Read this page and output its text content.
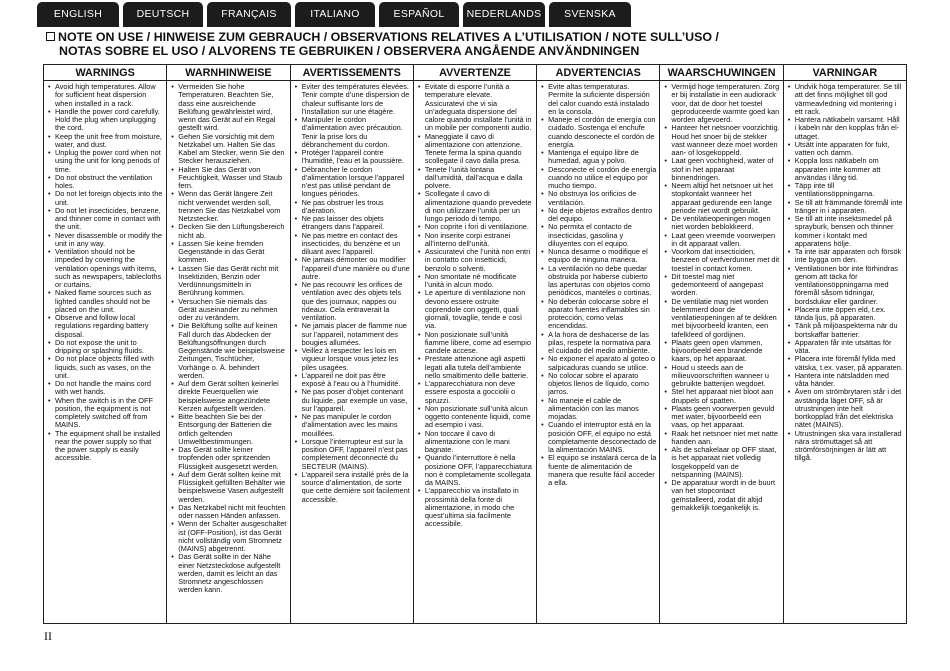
ENGLISH	DEUTSCH	FRANÇAIS	ITALIANO	ESPAÑOL	NEDERLANDS	SVENSKA
NOTE ON USE / HINWEISE ZUM GEBRAUCH / OBSERVATIONS RELATIVES A L’UTILISATION / NOTE SULL’USO /
NOTAS SOBRE EL USO / ALVORENS TE GEBRUIKEN / OBSERVERA ANGÅENDE ANVÄNDNINGEN
WARNINGS
• Avoid high temperatures. Allow for sufficient heat dispersion when installed in a rack.
• Handle the power cord carefully. Hold the plug when unplugging the cord.
• Keep the unit free from moisture, water, and dust.
• Unplug the power cord when not using the unit for long periods of time.
• Do not obstruct the ventilation holes.
• Do not let foreign objects into the unit.
• Do not let insecticides, benzene, and thinner come in contact with the unit.
• Never disassemble or modify the unit in any way.
• Ventilation should not be impeded by covering the ventilation openings with items, such as newspapers, tablecloths or curtains.
• Naked flame sources such as lighted candles should not be placed on the unit.
• Observe and follow local regulations regarding battery disposal.
• Do not expose the unit to dripping or splashing fluids.
• Do not place objects filled with liquids, such as vases, on the unit.
• Do not handle the mains cord with wet hands.
• When the switch is in the OFF position, the equipment is not completely switched off from MAINS.
• The equipment shall be installed near the power supply so that the power supply is easily accessible.
WARNHINWEISE
• Vermeiden Sie hohe Temperaturen. Beachten Sie, dass eine ausreichende Belüftung gewährleistet wird, wenn das Gerät auf ein Regal gestellt wird.
• Gehen Sie vorsichtig mit dem Netzkabel um. Halten Sie das Kabel am Stecker, wenn Sie den Stecker herausziehen.
• Halten Sie das Gerät von Feuchtigkeit, Wasser und Staub fern.
• Wenn das Gerät längere Zeit nicht verwendet werden soll, trennen Sie das Netzkabel vom Netzstecker.
• Decken Sie den Lüftungsbereich nicht ab.
• Lassen Sie keine fremden Gegenstände in das Gerät kommen.
• Lassen Sie das Gerät nicht mit Insektiziden, Benzin oder Verdünnungsmitteln in Berührung kommen.
• Versuchen Sie niemals das Gerät auseinander zu nehmen oder zu verändern.
• Die Belüftung sollte auf keinen Fall durch das Abdecken der Belüftungsöffnungen durch Gegenstände wie beispielsweise Zeitungen, Tischtücher, Vorhänge o. Ä. behindert werden.
• Auf dem Gerät sollten keinerlei direkte Feuerquellen wie beispielsweise angezündete Kerzen aufgestellt werden.
• Bitte beachten Sie bei der Entsorgung der Batterien die örtlich geltenden Umweltbestimmungen.
• Das Gerät sollte keiner tropfenden oder spritzenden Flüssigkeit ausgesetzt werden.
• Auf dem Gerät sollten keine mit Flüssigkeit gefüllten Behälter wie beispielsweise Vasen aufgestellt werden.
• Das Netzkabel nicht mit feuchten oder nassen Händen anfassen.
• Wenn der Schalter ausgeschaltet ist (OFF-Position), ist das Gerät nicht vollständig vom Stromnetz (MAINS) abgetrennt.
• Das Gerät sollte in der Nähe einer Netzsteckdose aufgestellt werden, damit es leicht an das Stromnetz angeschlossen werden kann.
AVERTISSEMENTS
• Eviter des températures élevées. Tenir compte d’une dispersion de chaleur suffisante lors de l’installation sur une étagère.
• Manipuler le cordon d’alimentation avec précaution. Tenir la prise lors du débranchement du cordon.
• Protéger l’appareil contre l’humidité, l’eau et la poussière.
• Débrancher le cordon d’alimentation lorsque l’appareil n’est pas utilisé pendant de longues périodes.
• Ne pas obstruer les trous d’aération.
• Ne pas laisser des objets étrangers dans l’appareil.
• Ne pas mettre en contact des insecticides, du benzène et un diluant avec l’appareil.
• Ne jamais démonter ou modifier l’appareil d’une manière ou d’une autre.
• Ne pas recouvrir les orifices de ventilation avec des objets tels que des journaux, nappes ou rideaux. Cela entraverait la ventilation.
• Ne jamais placer de flamme nue sur l’appareil, notamment des bougies allumées.
• Veillez à respecter les lois en vigueur lorsque vous jetez les piles usagées.
• L’appareil ne doit pas être exposé à l’eau ou à l’humidité.
• Ne pas poser d’objet contenant du liquide, par exemple un vase, sur l’appareil.
• Ne pas manipuler le cordon d’alimentation avec les mains mouillées.
• Lorsque l’interrupteur est sur la position OFF, l’appareil n’est pas complètement déconnecté du SECTEUR (MAINS).
• L’appareil sera installé près de la source d’alimentation, de sorte que cette dernière soit facilement accessible.
AVVERTENZE
• Evitate di esporre l’unità a temperature elevate. Assicuratevi che vi sia un’adeguata dispersione del calore quando installate l’unità in un mobile per componenti audio.
• Maneggiate il cavo di alimentazione con attenzione. Tenete ferma la spina quando scollegate il cavo dalla presa.
• Tenete l’unità lontana dall’umidità, dall’acqua e dalla polvere.
• Scollegate il cavo di alimentazione quando prevedete di non utilizzare l’unità per un lungo periodo di tempo.
• Non coprite i fori di ventilazione.
• Non inserite corpi estranei all’interno dell’unità.
• Assicuratevi che l’unità non entri in contatto con insetticidi, benzolo o solventi.
• Non smontate né modificate l’unità in alcun modo.
• Le aperture di ventilazione non devono essere ostruite coprendole con oggetti, quali giornali, tovaglie, tende e così via.
• Non posizionate sull’unità fiamme libere, come ad esempio candele accese.
• Prestate attenzione agli aspetti legati alla tutela dell’ambiente nello smaltimento delle batterie.
• L’apparecchiatura non deve essere esposta a gocciolii o spruzzi.
• Non posizionate sull’unità alcun oggetto contenente liquidi, come ad esempio i vasi.
• Non toccare il cavo di alimentazione con le mani bagnate.
• Quando l’interruttore è nella posizione OFF, l’apparecchiatura non è completamente scollegata da MAINS.
• L’apparecchio va installato in prossimità della fonte di alimentazione, in modo che quest’ultima sia facilmente accessibile.
ADVERTENCIAS
• Evite altas temperaturas. Permite la suficiente dispersión del calor cuando está instalado en la consola.
• Maneje el cordón de energía con cuidado. Sostenga el enchufe cuando desconecte el cordón de energía.
• Mantenga el equipo libre de humedad, agua y polvo.
• Desconecte el cordón de energía cuando no utilice el equipo por mucho tiempo.
• No obstruya los orificios de ventilación.
• No deje objetos extraños dentro del equipo.
• No permita el contacto de insecticidas, gasolina y diluyentes con el equipo.
• Nunca desarme o modifique el equipo de ninguna manera.
• La ventilación no debe quedar obstruida por haberse cubierto las aperturas con objetos como periódicos, manteles o cortinas.
• No deberán colocarse sobre el aparato fuentes inflamables sin protección, como velas encendidas.
• A la hora de deshacerse de las pilas, respete la normativa para el cuidado del medio ambiente.
• No exponer el aparato al goteo o salpicaduras cuando se utilice.
• No colocar sobre el aparato objetos llenos de líquido, como jarros.
• No maneje el cable de alimentación con las manos mojadas.
• Cuando el interruptor está en la posición OFF, el equipo no está completamente desconectado de la alimentación MAINS.
• El equipo se instalará cerca de la fuente de alimentación de manera que resulte fácil acceder a ella.
WAARSCHUWINGEN
• Vermijd hoge temperaturen. Zorg er bij installatie in een audiorack voor, dat de door het toestel geproduceerde warmte goed kan worden afgevoerd.
• Hanteer het netsnoer voorzichtig. Houd het snoer bij de stekker vast wanneer deze moet worden aan- of losgekoppeld.
• Laat geen vochtigheid, water of stof in het apparaat binnendringen.
• Neem altijd het netsnoer uit het stopkontakt wanneer het apparaat gedurende een lange periode niet wordt gebruikt.
• De ventilatieopeningen mogen niet worden beblokkeerd.
• Laat geen vreemde voorwerpen in dit apparaat vallen.
• Voorkom dat insecticiden, benzeen of verfverdunner met dit toestel in contact komen.
• Dit toestel mag niet gedemonteerd of aangepast worden.
• De ventilatie mag niet worden belemmerd door de ventilatieopeningen af te dekken met bijvoorbeeld kranten, een tafelkleed of gordijnen.
• Plaats geen open vlammen, bijvoorbeeld een brandende kaars, op het apparaat.
• Houd u steeds aan de milieuvoorschriften wanneer u gebruikte batterijen wegdoet.
• Stel het apparaat niet bloot aan druppels of spatten.
• Plaats geen voorwerpen gevuld met water, bijvoorbeeld een vaas, op het apparaat.
• Raak het netsnoer niet met natte handen aan.
• Als de schakelaar op OFF staat, is het apparaat niet volledig losgekoppeld van de netspanning (MAINS).
• De apparatuur wordt in de buurt van het stopcontact geïnstalleerd, zodat dit altijd gemakkelijk toegankelijk is.
VARNINGAR
• Undvik höga temperaturer. Se till att det finns möjlighet till god värmeavledning vid montering i ett rack.
• Hantera nätkabeln varsamt. Håll i kabeln när den kopplas från el-uttaget.
• Utsätt inte apparaten för fukt, vatten och damm.
• Koppla loss nätkabeln om apparaten inte kommer att användas i lång tid.
• Täpp inte till ventilationsöppningarna.
• Se till att främmande föremål inte tränger in i apparaten.
• Se till att inte insektsmedel på sprayburk, bensen och thinner kommer i kontakt med apparatens hölje.
• Ta inte isär apparaten och försök inte bygga om den.
• Ventilationen bör inte förhindras genom att täcka för ventilationsöppningarna med föremål såsom tidningar, bordsdukar eller gardiner.
• Placera inte öppen eld, t.ex. tända ljus, på apparaten.
• Tänk på miljöaspekterna när du bortskaffar batterier.
• Apparaten får inte utsättas för väta.
• Placera inte föremål fyllda med vätska, t.ex. vaser, på apparaten.
• Hantera inte nätsladden med våta händer.
• Även om strömbrytaren står i det avstängda läget OFF, så är utrustningen inte helt bortkopplad från det elektriska nätet (MAINS).
• Utrustningen ska vara installerad nära strömuttaget så att strömförsörjningen är lätt att tillgå.
II
